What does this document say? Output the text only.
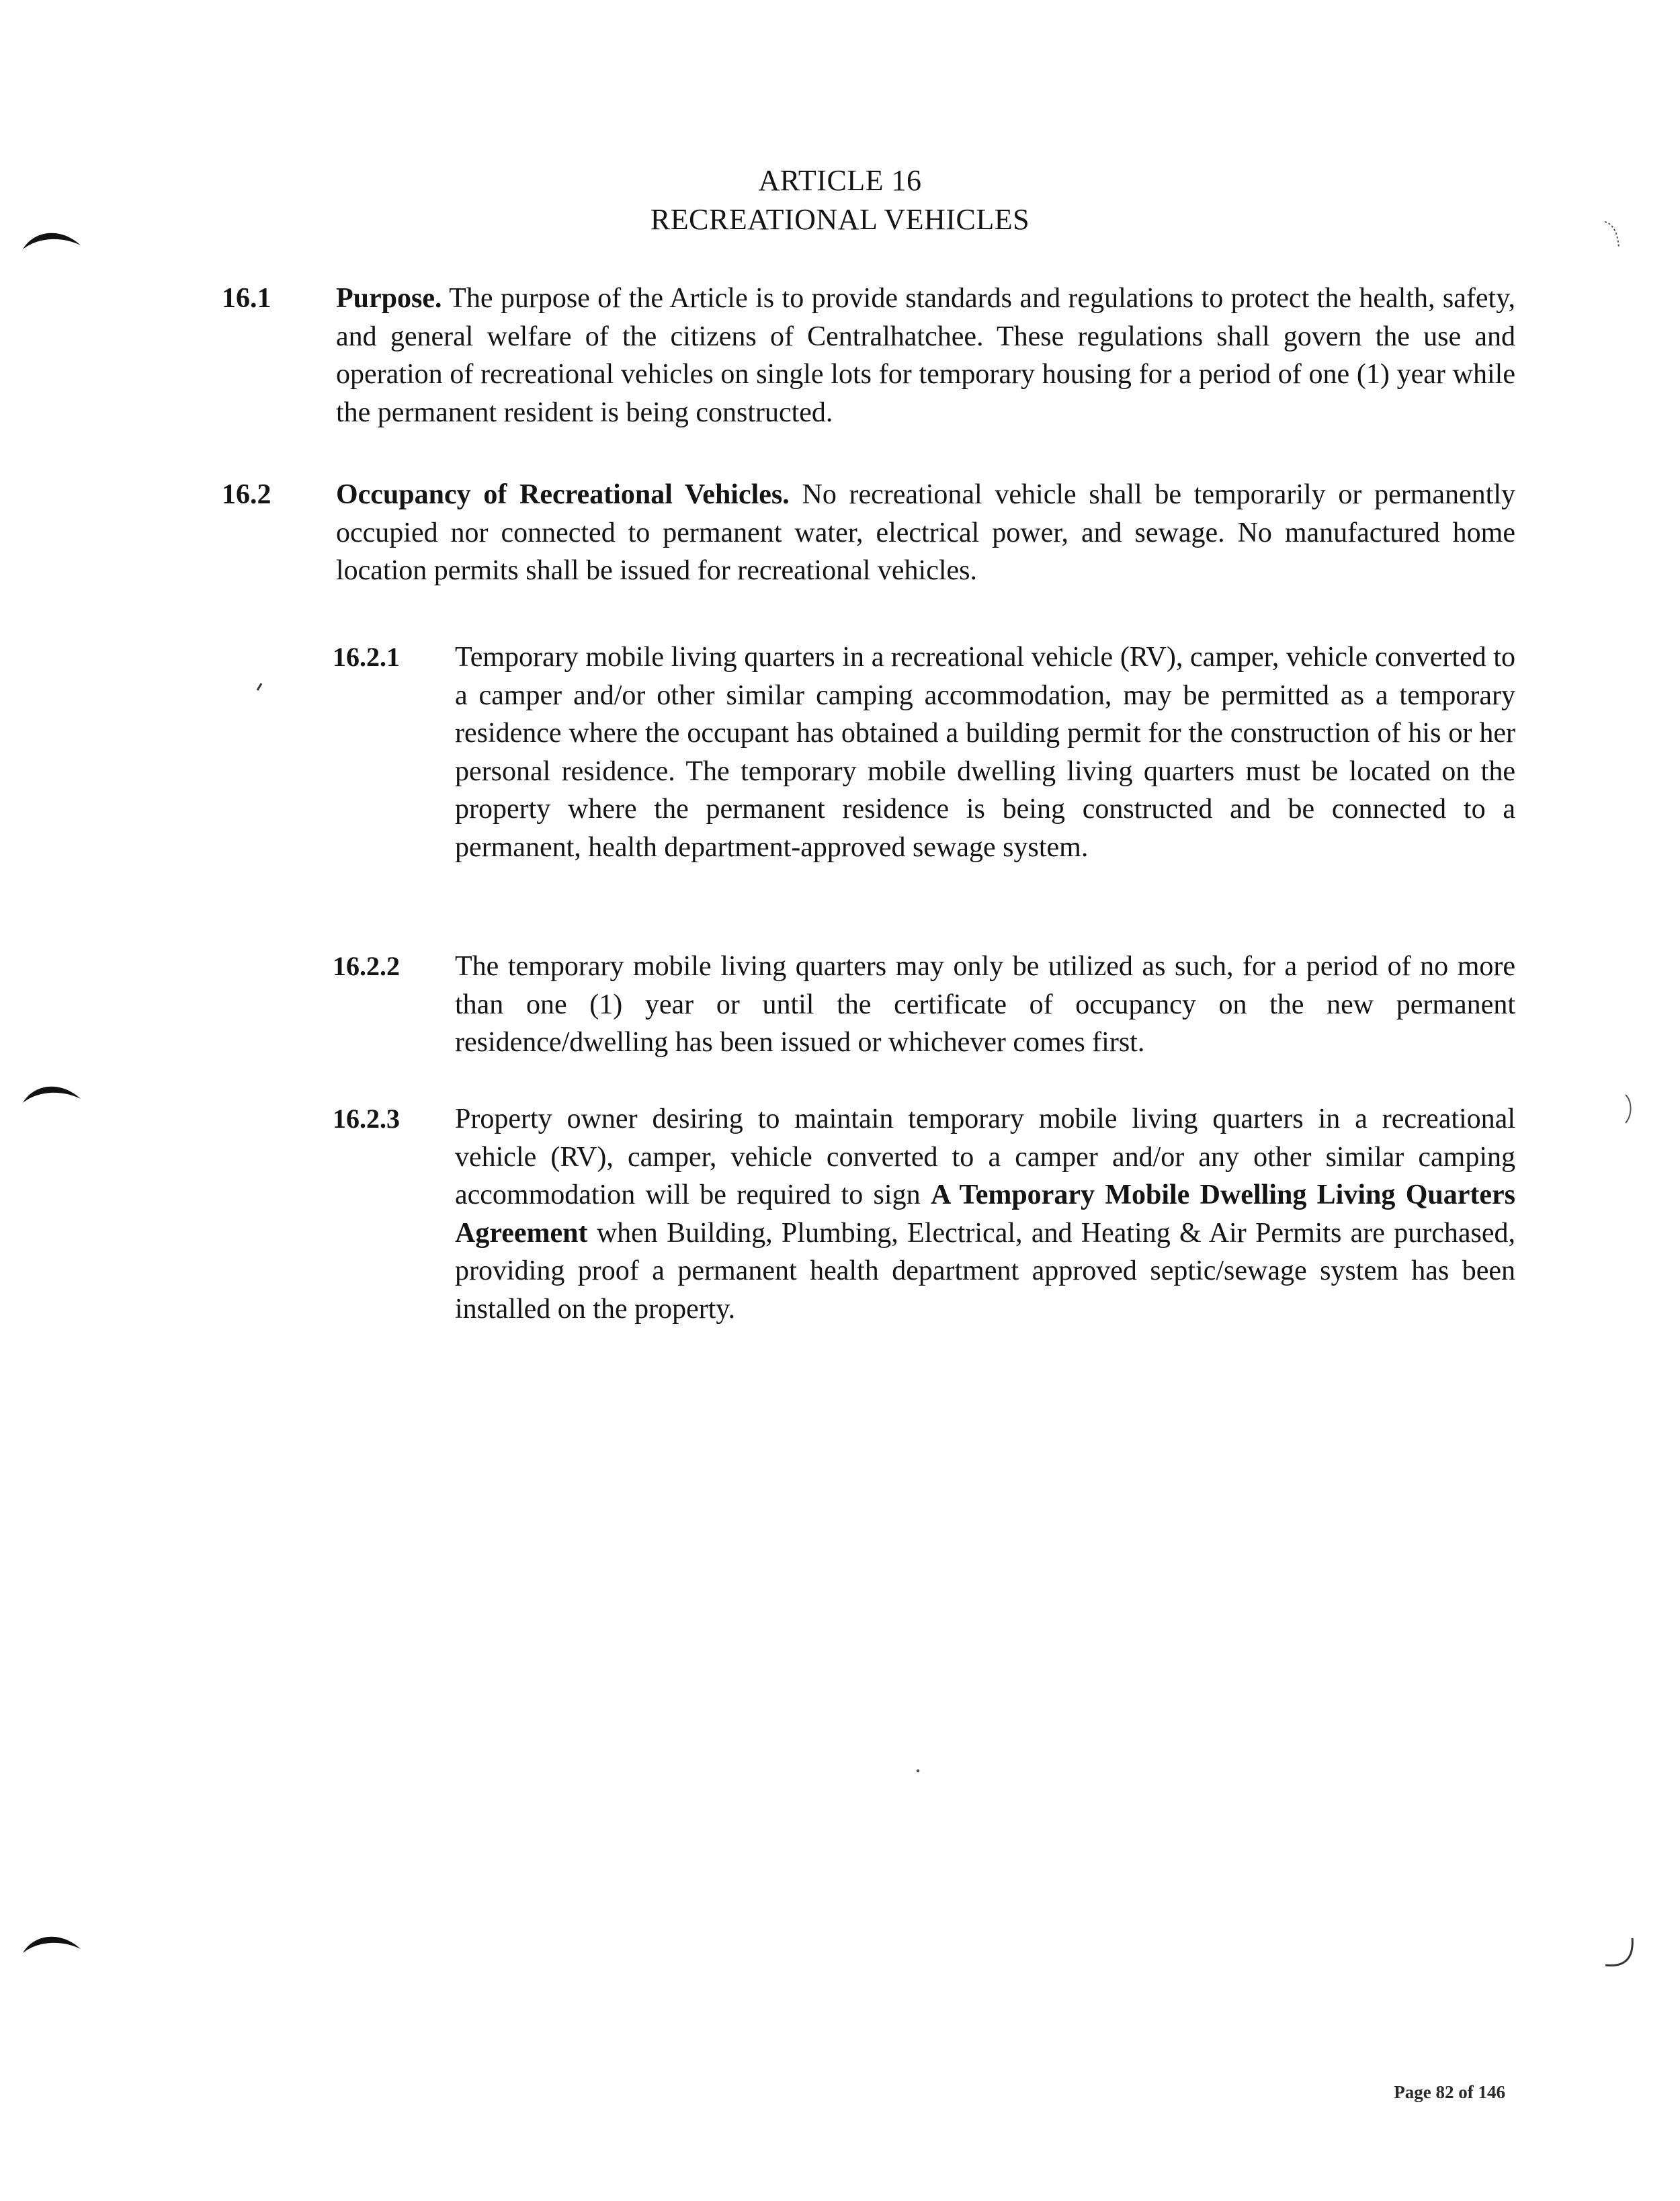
ARTICLE 16
RECREATIONAL VEHICLES
16.1 Purpose. The purpose of the Article is to provide standards and regulations to protect the health, safety, and general welfare of the citizens of Centralhatchee. These regulations shall govern the use and operation of recreational vehicles on single lots for temporary housing for a period of one (1) year while the permanent resident is being constructed.
16.2 Occupancy of Recreational Vehicles. No recreational vehicle shall be temporarily or permanently occupied nor connected to permanent water, electrical power, and sewage. No manufactured home location permits shall be issued for recreational vehicles.
16.2.1 Temporary mobile living quarters in a recreational vehicle (RV), camper, vehicle converted to a camper and/or other similar camping accommodation, may be permitted as a temporary residence where the occupant has obtained a building permit for the construction of his or her personal residence. The temporary mobile dwelling living quarters must be located on the property where the permanent residence is being constructed and be connected to a permanent, health department-approved sewage system.
16.2.2 The temporary mobile living quarters may only be utilized as such, for a period of no more than one (1) year or until the certificate of occupancy on the new permanent residence/dwelling has been issued or whichever comes first.
16.2.3 Property owner desiring to maintain temporary mobile living quarters in a recreational vehicle (RV), camper, vehicle converted to a camper and/or any other similar camping accommodation will be required to sign A Temporary Mobile Dwelling Living Quarters Agreement when Building, Plumbing, Electrical, and Heating & Air Permits are purchased, providing proof a permanent health department approved septic/sewage system has been installed on the property.
Page 82 of 146
